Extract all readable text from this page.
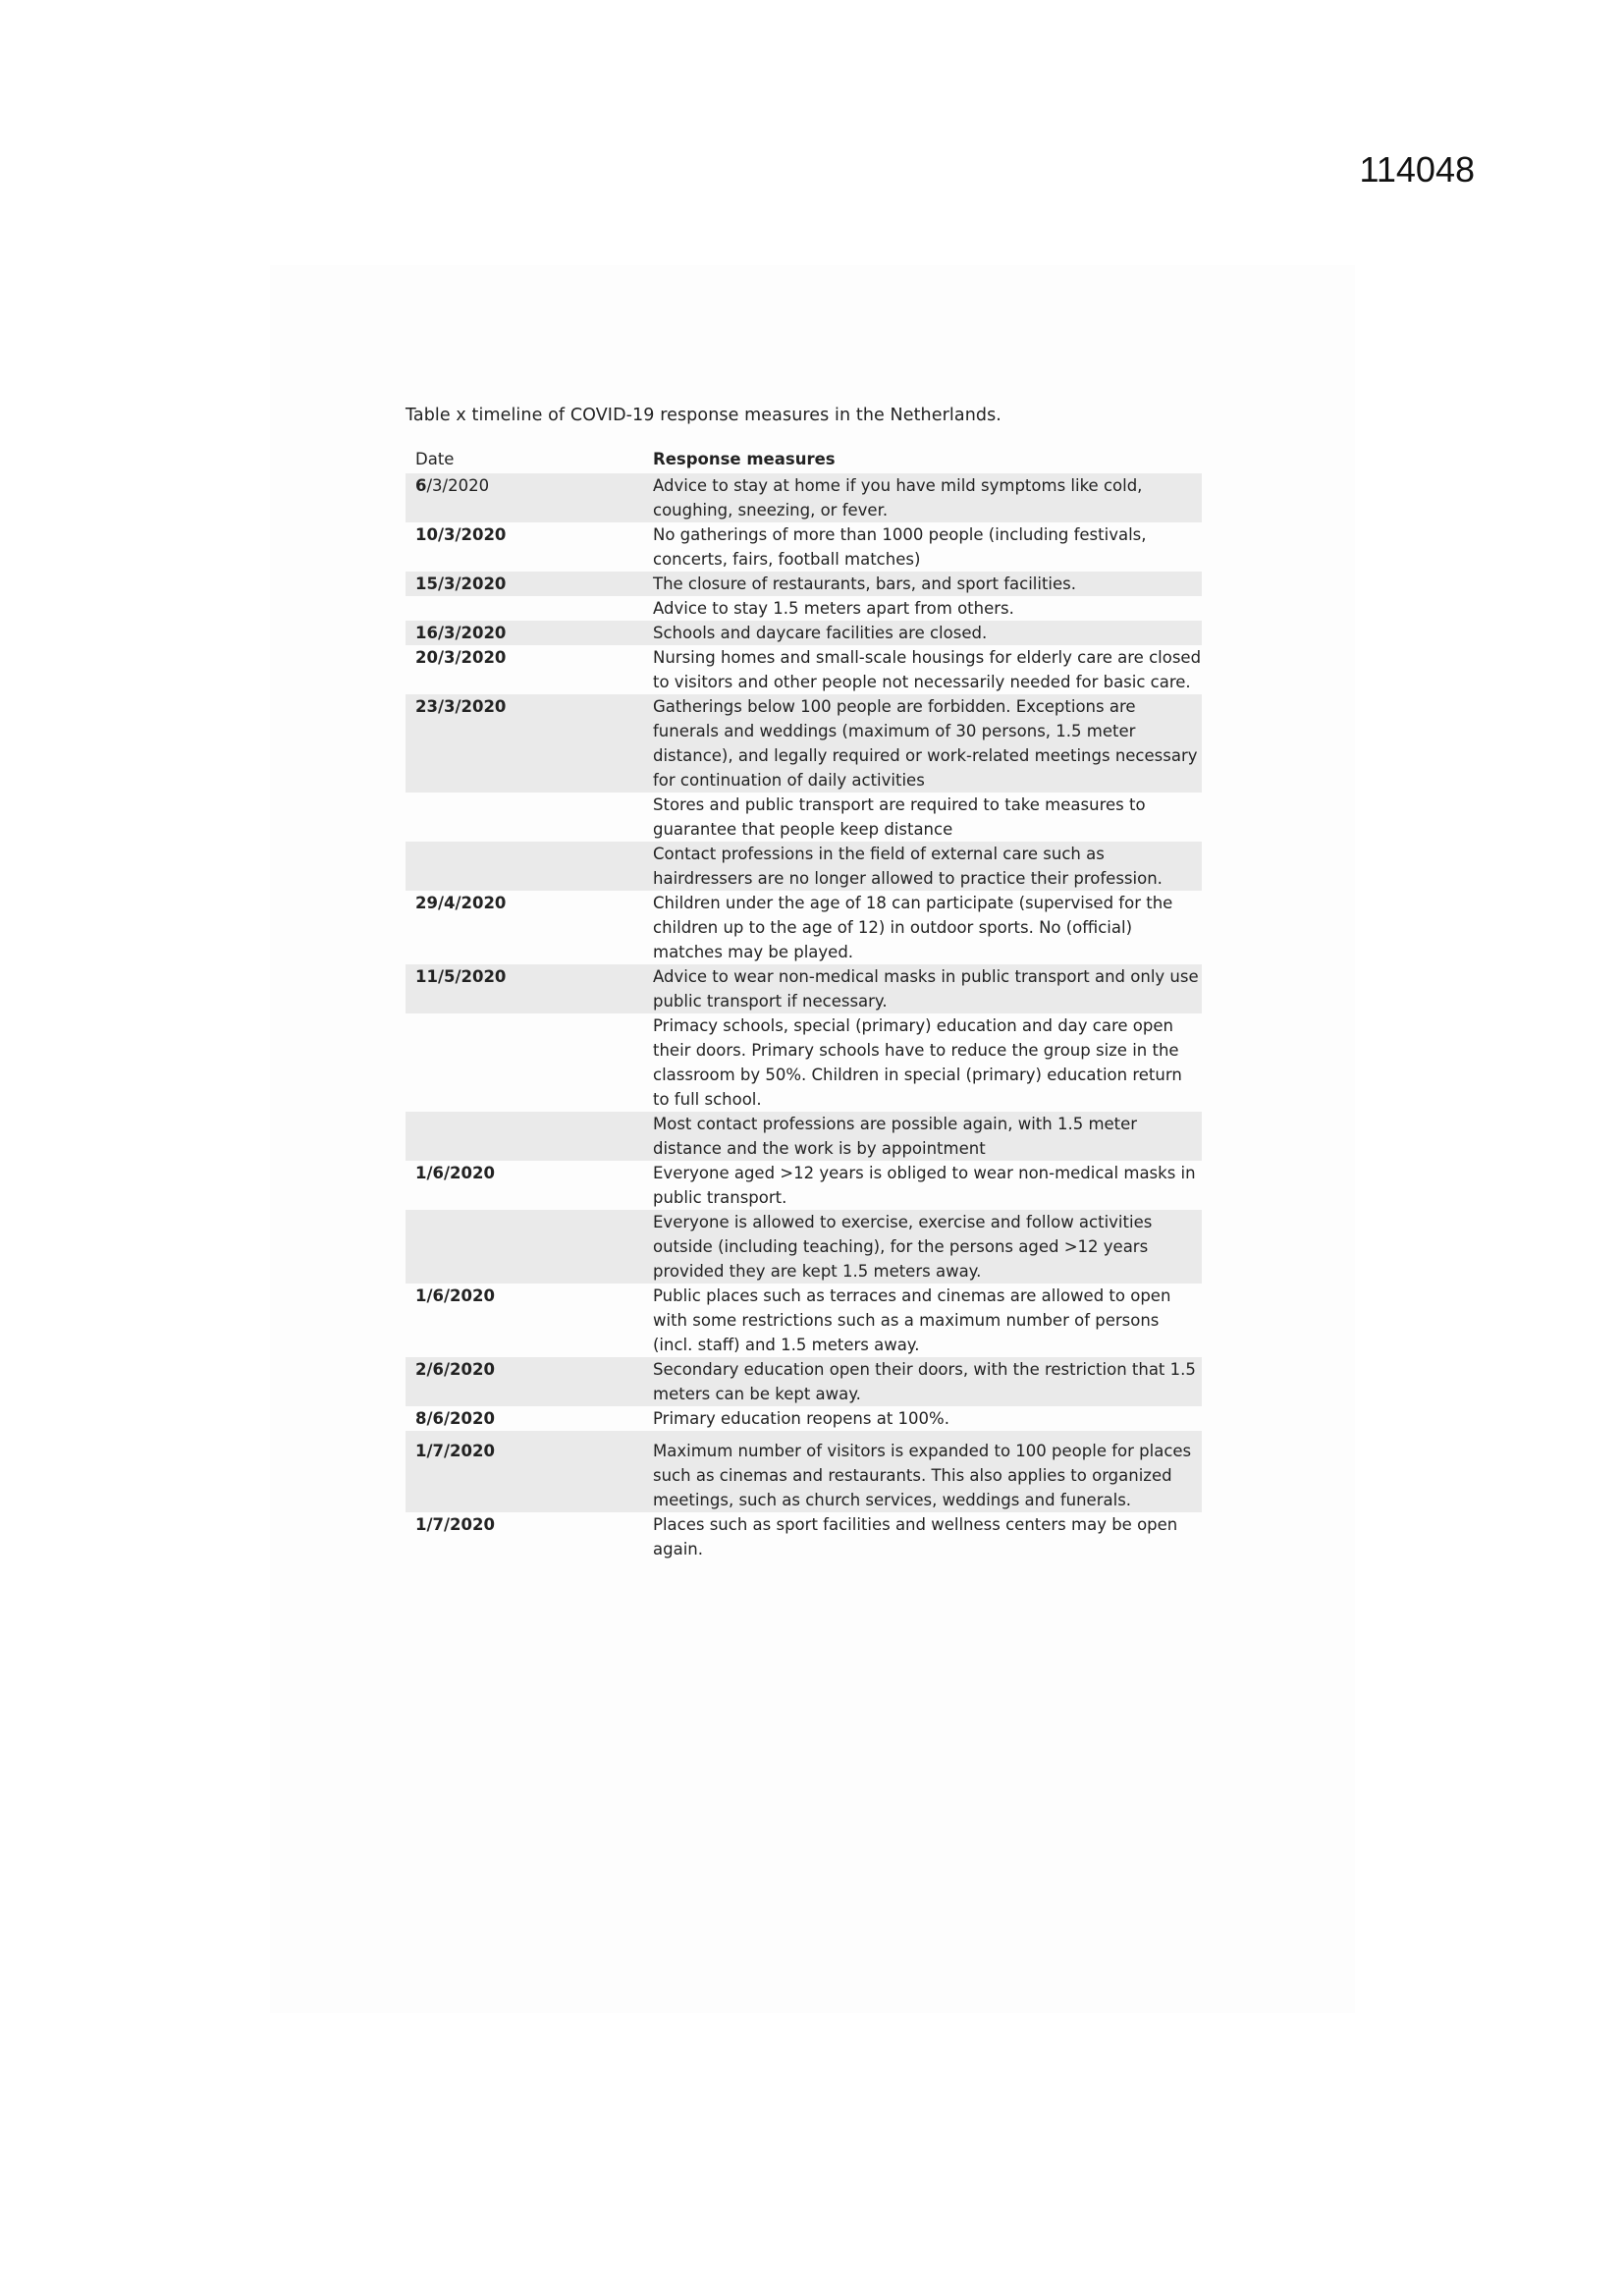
114048
Table x timeline of COVID-19 response measures in the Netherlands.
Date	Response measures
6/3/2020	Advice to stay at home if you have mild symptoms like cold, coughing, sneezing, or fever.
10/3/2020	No gatherings of more than 1000 people (including festivals, concerts, fairs, football matches)
15/3/2020	The closure of restaurants, bars, and sport facilities.
	Advice to stay 1.5 meters apart from others.
16/3/2020	Schools and daycare facilities are closed.
20/3/2020	Nursing homes and small-scale housings for elderly care are closed to visitors and other people not necessarily needed for basic care.
23/3/2020	Gatherings below 100 people are forbidden. Exceptions are funerals and weddings (maximum of 30 persons, 1.5 meter distance), and legally required or work-related meetings necessary for continuation of daily activities
	Stores and public transport are required to take measures to guarantee that people keep distance
	Contact professions in the field of external care such as hairdressers are no longer allowed to practice their profession.
29/4/2020	Children under the age of 18 can participate (supervised for the children up to the age of 12) in outdoor sports. No (official) matches may be played.
11/5/2020	Advice to wear non-medical masks in public transport and only use public transport if necessary.
	Primacy schools, special (primary) education and day care open their doors. Primary schools have to reduce the group size in the classroom by 50%. Children in special (primary) education return to full school.
	Most contact professions are possible again, with 1.5 meter distance and the work is by appointment
1/6/2020	Everyone aged >12 years is obliged to wear non-medical masks in public transport.
	Everyone is allowed to exercise, exercise and follow activities outside (including teaching), for the persons aged >12 years provided they are kept 1.5 meters away.
1/6/2020	Public places such as terraces and cinemas are allowed to open with some restrictions such as a maximum number of persons (incl. staff) and 1.5 meters away.
2/6/2020	Secondary education open their doors, with the restriction that 1.5 meters can be kept away.
8/6/2020	Primary education reopens at 100%.
1/7/2020	Maximum number of visitors is expanded to 100 people for places such as cinemas and restaurants. This also applies to organized meetings, such as church services, weddings and funerals.
1/7/2020	Places such as sport facilities and wellness centers may be open again.
